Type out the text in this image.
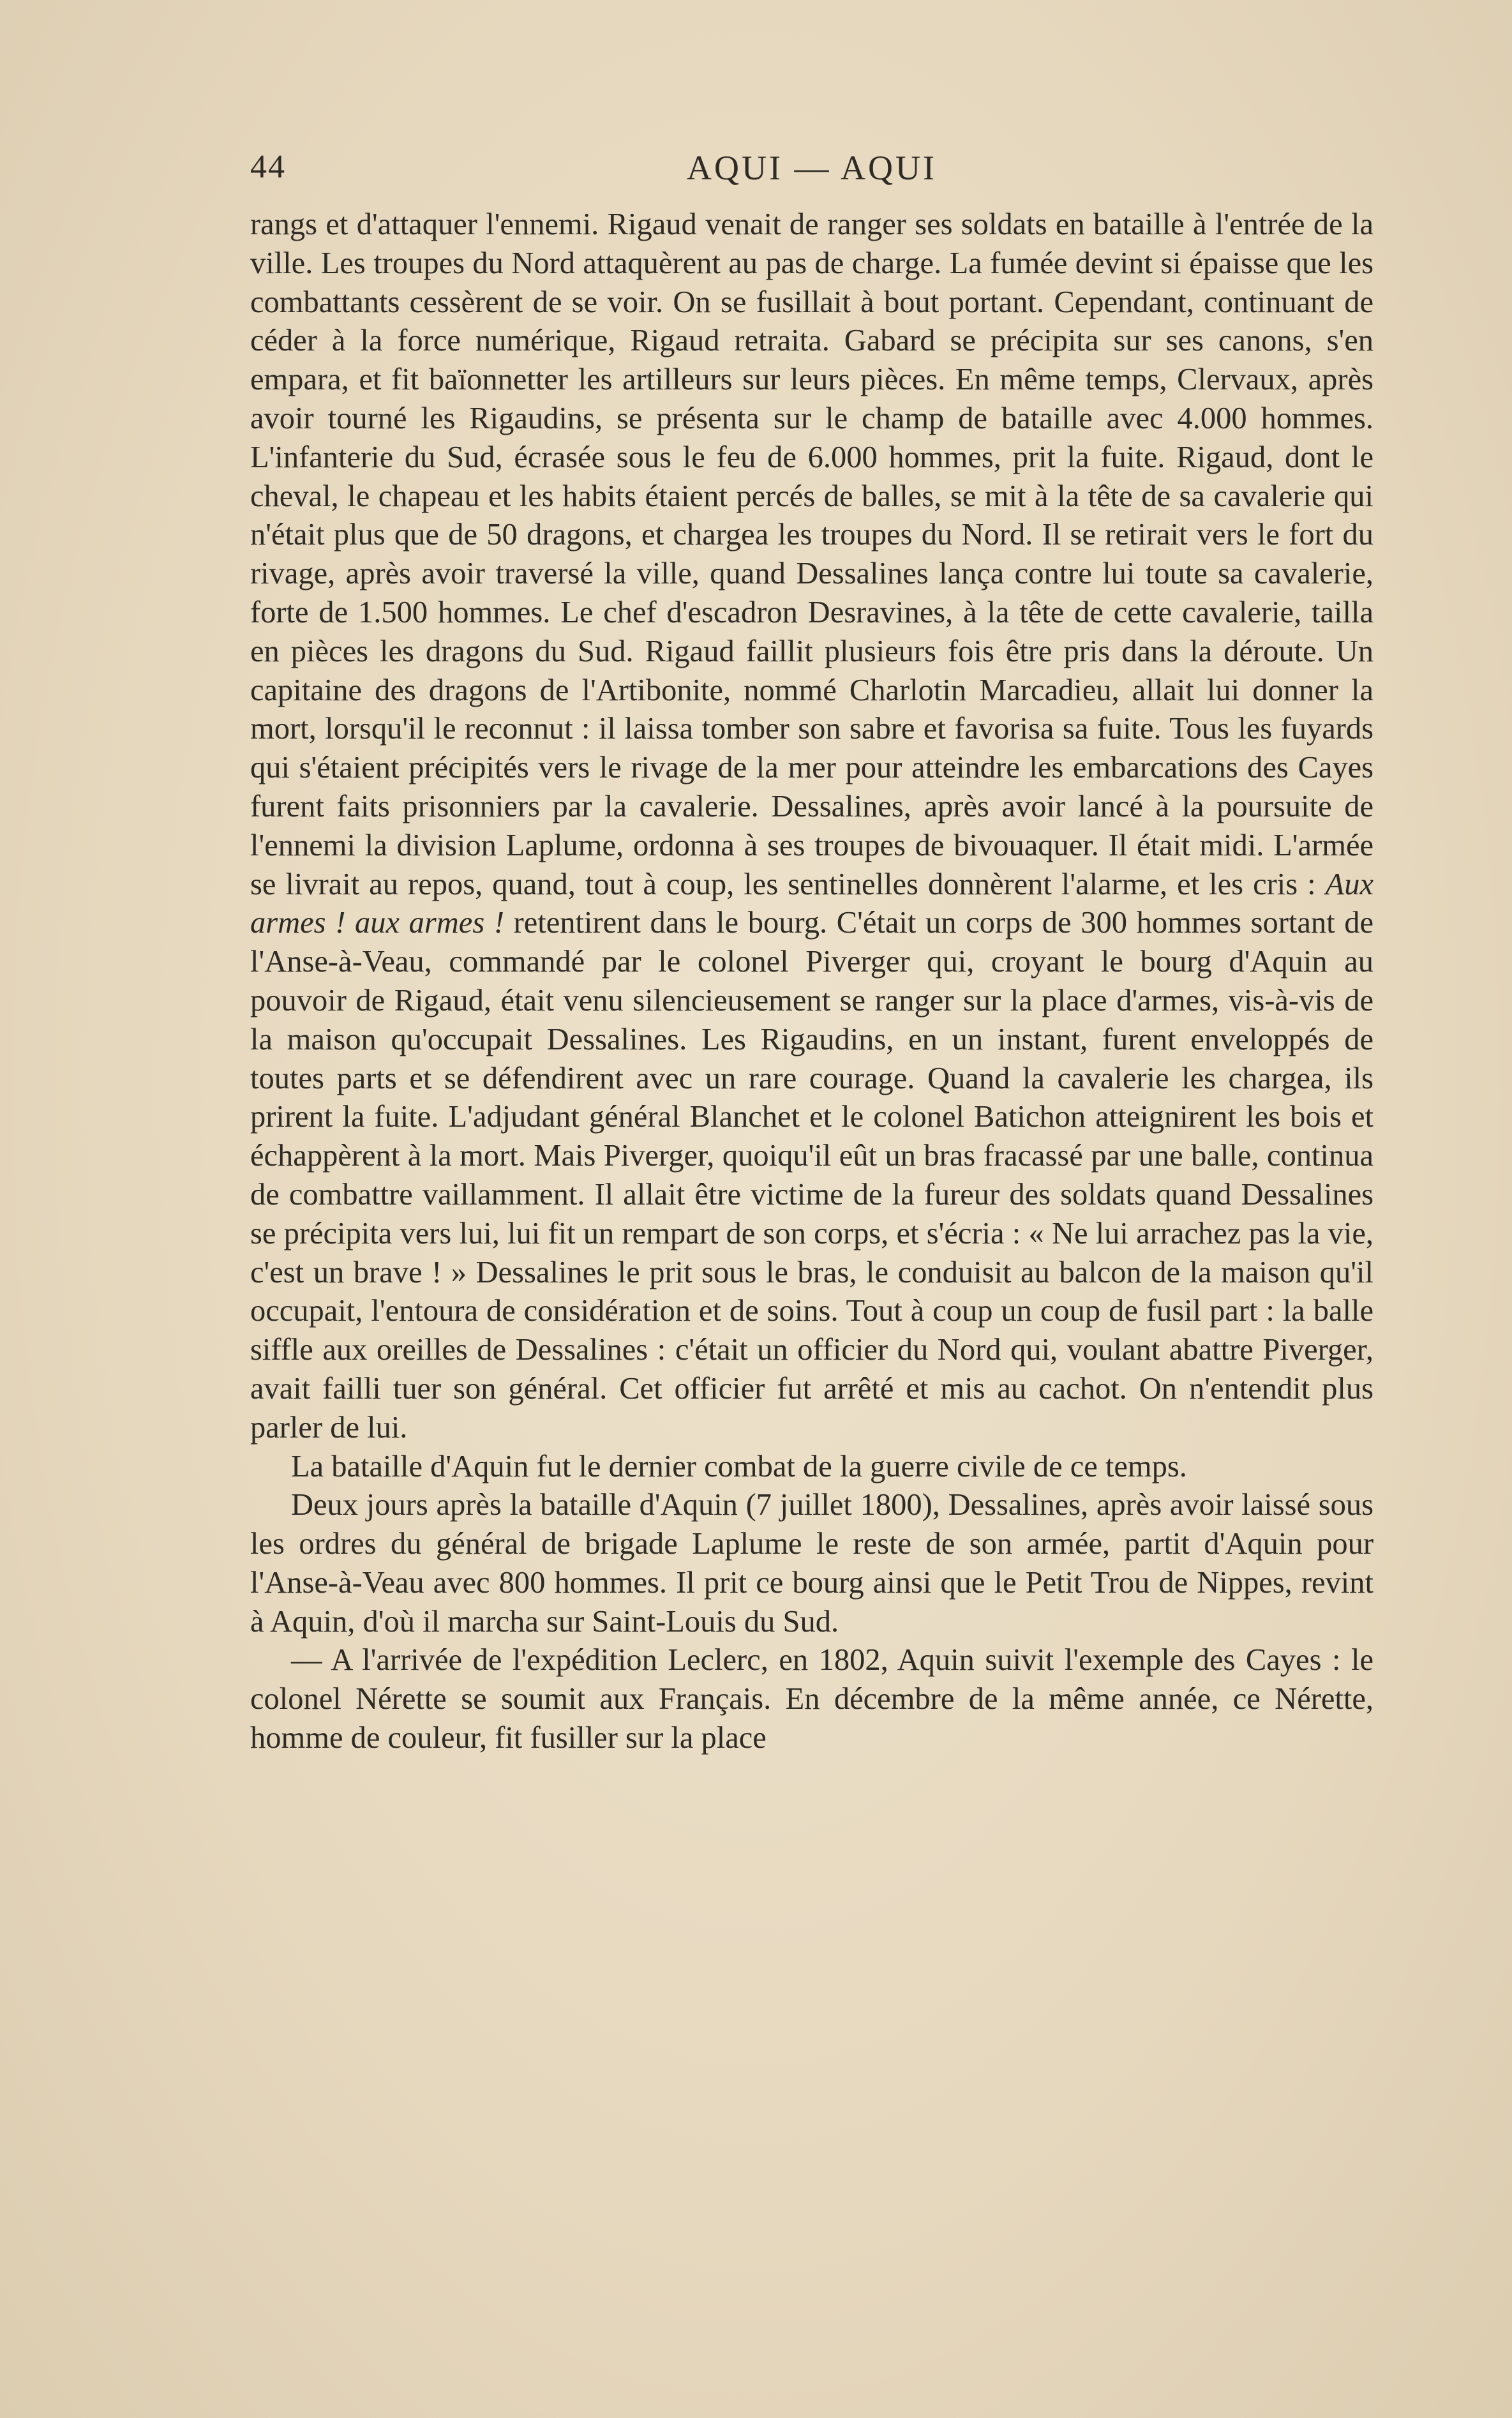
44	AQUI — AQUI

rangs et d'attaquer l'ennemi. Rigaud venait de ranger ses soldats en bataille à l'entrée de la ville. Les troupes du Nord attaquèrent au pas de charge. La fumée devint si épaisse que les combattants cessèrent de se voir. On se fusillait à bout portant. Cependant, continuant de céder à la force numérique, Rigaud retraita. Gabard se précipita sur ses canons, s'en empara, et fit baïonnetter les artilleurs sur leurs pièces. En même temps, Clervaux, après avoir tourné les Rigaudins, se présenta sur le champ de bataille avec 4.000 hommes. L'infanterie du Sud, écrasée sous le feu de 6.000 hommes, prit la fuite. Rigaud, dont le cheval, le chapeau et les habits étaient percés de balles, se mit à la tête de sa cavalerie qui n'était plus que de 50 dragons, et chargea les troupes du Nord. Il se retirait vers le fort du rivage, après avoir traversé la ville, quand Dessalines lança contre lui toute sa cavalerie, forte de 1.500 hommes. Le chef d'escadron Desravines, à la tête de cette cavalerie, tailla en pièces les dragons du Sud. Rigaud faillit plusieurs fois être pris dans la déroute. Un capitaine des dragons de l'Artibonite, nommé Charlotin Marcadieu, allait lui donner la mort, lorsqu'il le reconnut : il laissa tomber son sabre et favorisa sa fuite. Tous les fuyards qui s'étaient précipités vers le rivage de la mer pour atteindre les embarcations des Cayes furent faits prisonniers par la cavalerie. Dessalines, après avoir lancé à la poursuite de l'ennemi la division Laplume, ordonna à ses troupes de bivouaquer. Il était midi. L'armée se livrait au repos, quand, tout à coup, les sentinelles donnèrent l'alarme, et les cris : Aux armes ! aux armes ! retentirent dans le bourg. C'était un corps de 300 hommes sortant de l'Anse-à-Veau, commandé par le colonel Piverger qui, croyant le bourg d'Aquin au pouvoir de Rigaud, était venu silencieusement se ranger sur la place d'armes, vis-à-vis de la maison qu'occupait Dessalines. Les Rigaudins, en un instant, furent enveloppés de toutes parts et se défendirent avec un rare courage. Quand la cavalerie les chargea, ils prirent la fuite. L'adjudant général Blanchet et le colonel Batichon atteignirent les bois et échappèrent à la mort. Mais Piverger, quoiqu'il eût un bras fracassé par une balle, continua de combattre vaillamment. Il allait être victime de la fureur des soldats quand Dessalines se précipita vers lui, lui fit un rempart de son corps, et s'écria : « Ne lui arrachez pas la vie, c'est un brave ! » Dessalines le prit sous le bras, le conduisit au balcon de la maison qu'il occupait, l'entoura de considération et de soins. Tout à coup un coup de fusil part : la balle siffle aux oreilles de Dessalines : c'était un officier du Nord qui, voulant abattre Piverger, avait failli tuer son général. Cet officier fut arrêté et mis au cachot. On n'entendit plus parler de lui.

La bataille d'Aquin fut le dernier combat de la guerre civile de ce temps.

Deux jours après la bataille d'Aquin (7 juillet 1800), Dessalines, après avoir laissé sous les ordres du général de brigade Laplume le reste de son armée, partit d'Aquin pour l'Anse-à-Veau avec 800 hommes. Il prit ce bourg ainsi que le Petit Trou de Nippes, revint à Aquin, d'où il marcha sur Saint-Louis du Sud.

— A l'arrivée de l'expédition Leclerc, en 1802, Aquin suivit l'exemple des Cayes : le colonel Nérette se soumit aux Français. En décembre de la même année, ce Nérette, homme de couleur, fit fusiller sur la place
